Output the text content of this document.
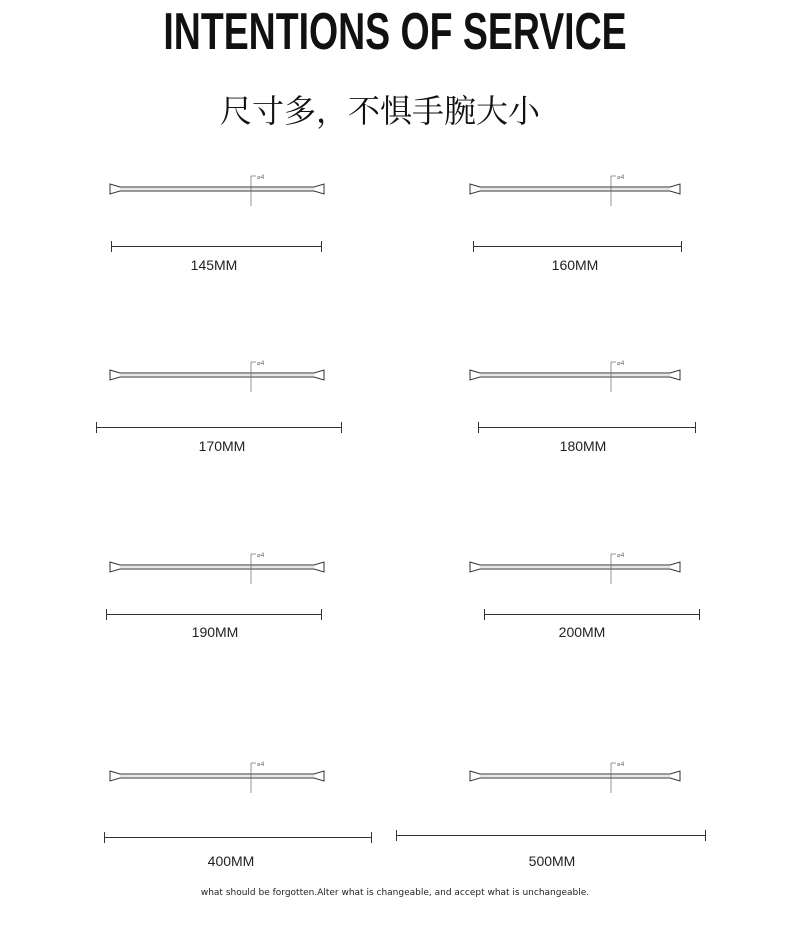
INTENTIONS OF SERVICE
尺寸多，不惧手腕大小
⌀4
145MM
⌀4
160MM
⌀4
170MM
⌀4
180MM
⌀4
190MM
⌀4
200MM
⌀4
400MM
⌀4
500MM
what should be forgotten.Alter what is changeable, and accept what is unchangeable.
